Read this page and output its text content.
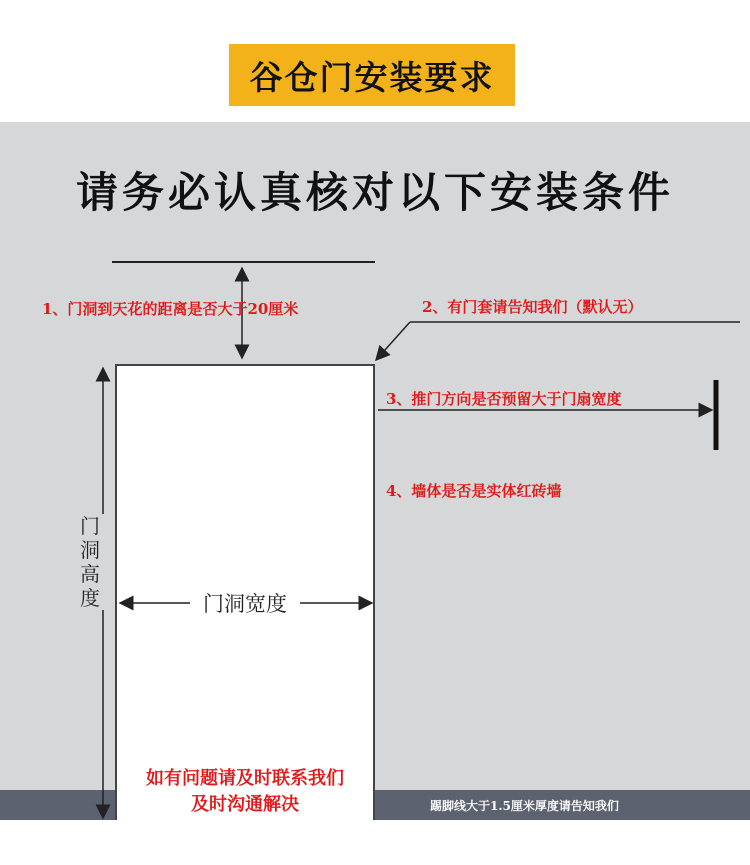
谷仓门安装要求
请务必认真核对以下安装条件
1、门洞到天花的距离是否大于20厘米	2、有门套请告知我们（默认无）
3、推门方向是否预留大于门扇宽度
4、墙体是否是实体红砖墙
门洞高度	门洞宽度
如有问题请及时联系我们
及时沟通解决	踢脚线大于1.5厘米厚度请告知我们
